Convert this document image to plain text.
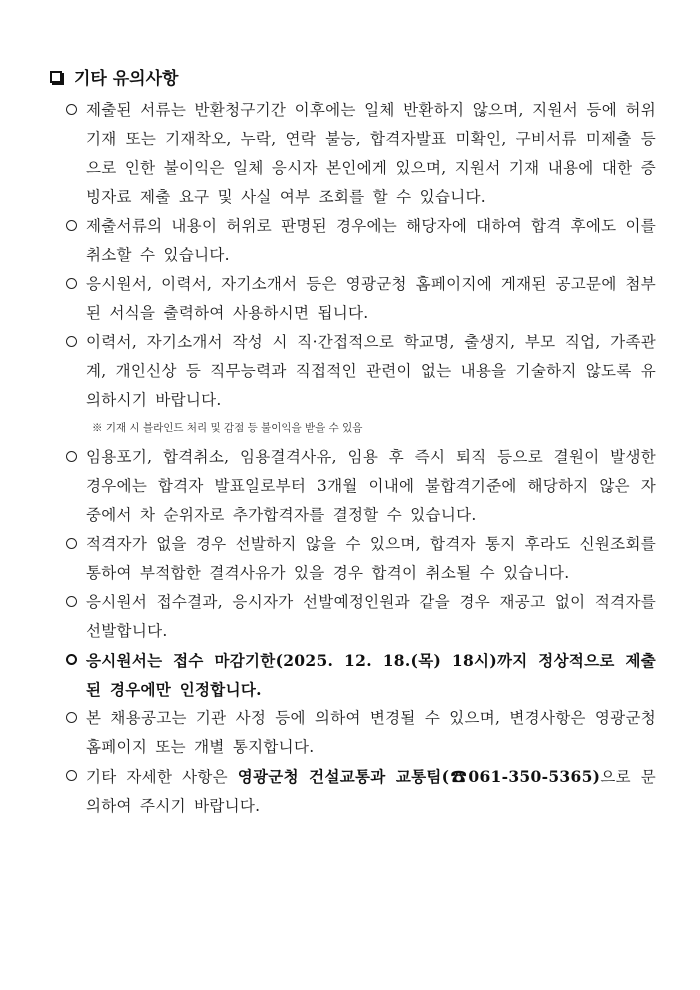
기타 유의사항
제출된 서류는 반환청구기간 이후에는 일체 반환하지 않으며, 지원서 등에 허위기재 또는 기재착오, 누락, 연락 불능, 합격자발표 미확인, 구비서류 미제출 등으로 인한 불이익은 일체 응시자 본인에게 있으며, 지원서 기재 내용에 대한 증빙자료 제출 요구 및 사실 여부 조회를 할 수 있습니다.
제출서류의 내용이 허위로 판명된 경우에는 해당자에 대하여 합격 후에도 이를 취소할 수 있습니다.
응시원서, 이력서, 자기소개서 등은 영광군청 홈페이지에 게재된 공고문에 첨부된 서식을 출력하여 사용하시면 됩니다.
이력서, 자기소개서 작성 시 직·간접적으로 학교명, 출생지, 부모 직업, 가족관계, 개인신상 등 직무능력과 직접적인 관련이 없는 내용을 기술하지 않도록 유의하시기 바랍니다.
※ 기재 시 블라인드 처리 및 감점 등 불이익을 받을 수 있음
임용포기, 합격취소, 임용결격사유, 임용 후 즉시 퇴직 등으로 결원이 발생한 경우에는 합격자 발표일로부터 3개월 이내에 불합격기준에 해당하지 않은 자 중에서 차 순위자로 추가합격자를 결정할 수 있습니다.
적격자가 없을 경우 선발하지 않을 수 있으며, 합격자 통지 후라도 신원조회를 통하여 부적합한 결격사유가 있을 경우 합격이 취소될 수 있습니다.
응시원서 접수결과, 응시자가 선발예정인원과 같을 경우 재공고 없이 적격자를 선발합니다.
응시원서는 접수 마감기한(2025. 12. 18.(목) 18시)까지 정상적으로 제출된 경우에만 인정합니다.
본 채용공고는 기관 사정 등에 의하여 변경될 수 있으며, 변경사항은 영광군청 홈페이지 또는 개별 통지합니다.
기타 자세한 사항은 영광군청 건설교통과 교통팀(☎061-350-5365)으로 문의하여 주시기 바랍니다.
